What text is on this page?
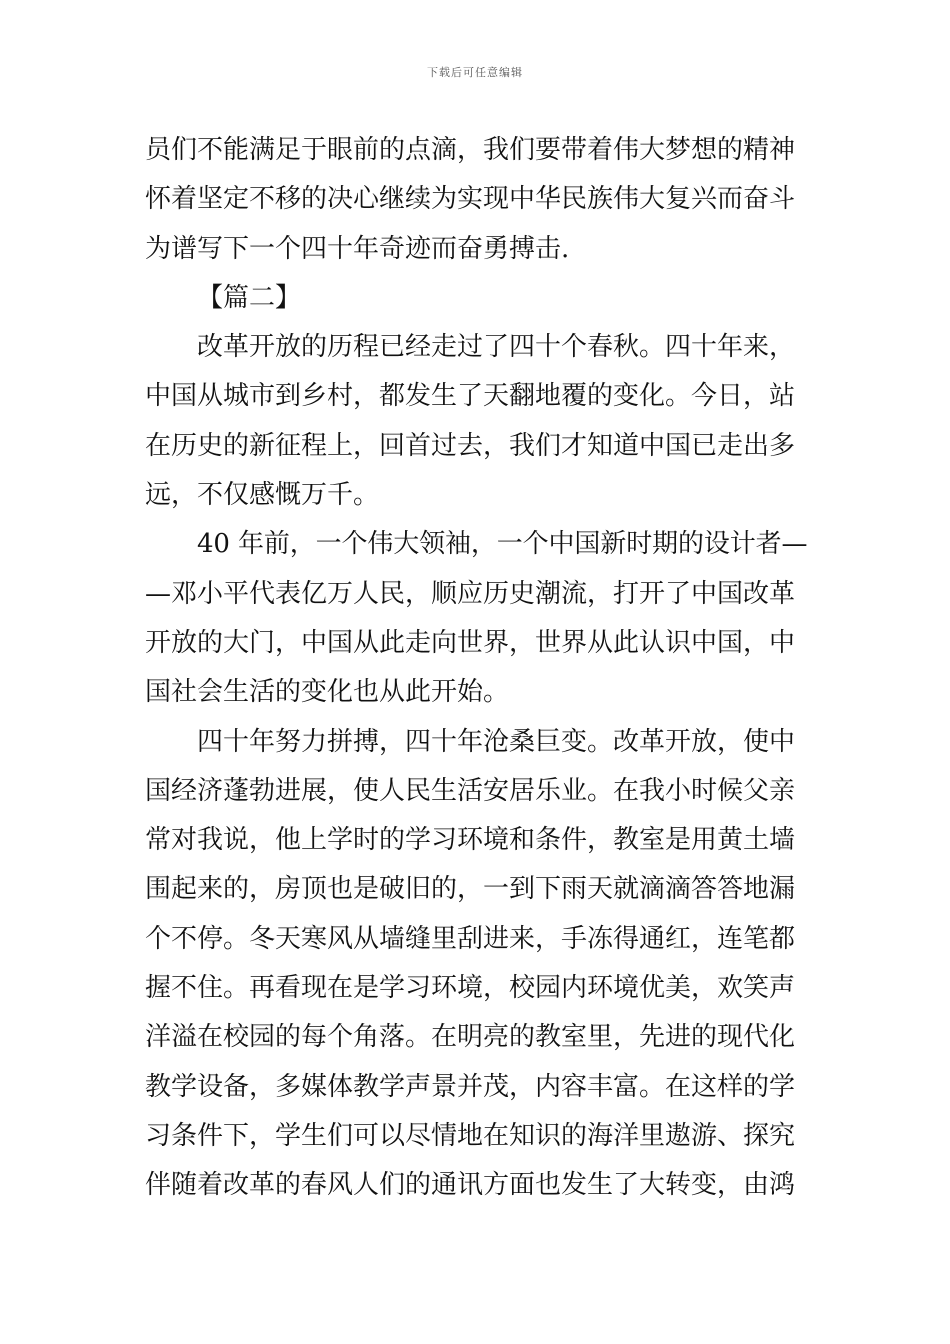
下载后可任意编辑
员们不能满足于眼前的点滴，我们要带着伟大梦想的精神
怀着坚定不移的决心继续为实现中华民族伟大复兴而奋斗
为谱写下一个四十年奇迹而奋勇搏击.
【篇二】
改革开放的历程已经走过了四十个春秋。四十年来，
中国从城市到乡村，都发生了天翻地覆的变化。今日，站
在历史的新征程上，回首过去，我们才知道中国已走出多
远，不仅感慨万千。
40 年前，一个伟大领袖，一个中国新时期的设计者—
—邓小平代表亿万人民，顺应历史潮流，打开了中国改革
开放的大门，中国从此走向世界，世界从此认识中国，中
国社会生活的变化也从此开始。
四十年努力拼搏，四十年沧桑巨变。改革开放，使中
国经济蓬勃进展，使人民生活安居乐业。在我小时候父亲
常对我说，他上学时的学习环境和条件，教室是用黄土墙
围起来的，房顶也是破旧的，一到下雨天就滴滴答答地漏
个不停。冬天寒风从墙缝里刮进来，手冻得通红，连笔都
握不住。再看现在是学习环境，校园内环境优美，欢笑声
洋溢在校园的每个角落。在明亮的教室里，先进的现代化
教学设备，多媒体教学声景并茂，内容丰富。在这样的学
习条件下，学生们可以尽情地在知识的海洋里遨游、探究
伴随着改革的春风人们的通讯方面也发生了大转变，由鸿
